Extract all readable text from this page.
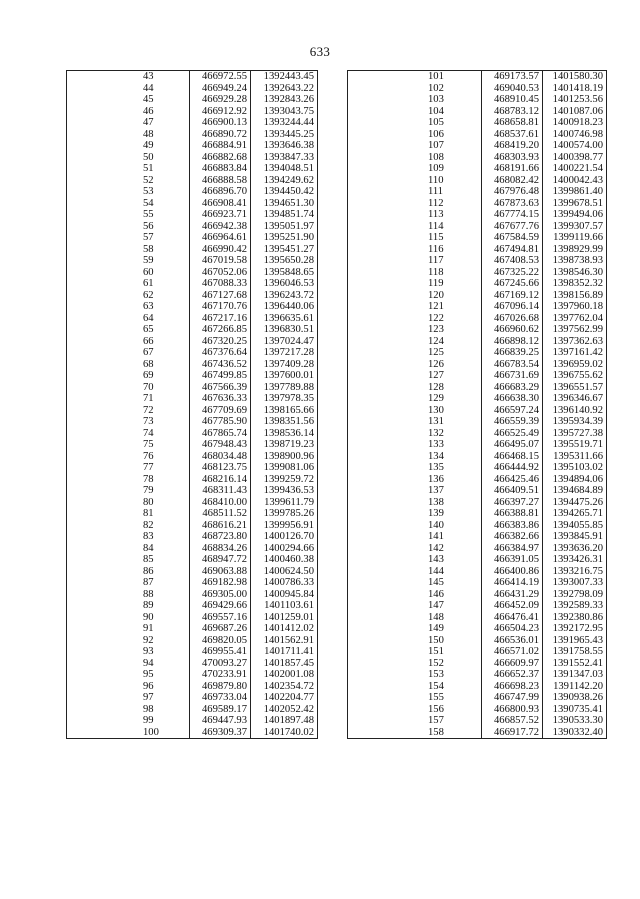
633
43	466972.55	1392443.45
44	466949.24	1392643.22
45	466929.28	1392843.26
46	466912.92	1393043.75
47	466900.13	1393244.44
48	466890.72	1393445.25
49	466884.91	1393646.38
50	466882.68	1393847.33
51	466883.84	1394048.51
52	466888.58	1394249.62
53	466896.70	1394450.42
54	466908.41	1394651.30
55	466923.71	1394851.74
56	466942.38	1395051.97
57	466964.61	1395251.90
58	466990.42	1395451.27
59	467019.58	1395650.28
60	467052.06	1395848.65
61	467088.33	1396046.53
62	467127.68	1396243.72
63	467170.76	1396440.06
64	467217.16	1396635.61
65	467266.85	1396830.51
66	467320.25	1397024.47
67	467376.64	1397217.28
68	467436.52	1397409.28
69	467499.85	1397600.01
70	467566.39	1397789.88
71	467636.33	1397978.35
72	467709.69	1398165.66
73	467785.90	1398351.56
74	467865.74	1398536.14
75	467948.43	1398719.23
76	468034.48	1398900.96
77	468123.75	1399081.06
78	468216.14	1399259.72
79	468311.43	1399436.53
80	468410.00	1399611.79
81	468511.52	1399785.26
82	468616.21	1399956.91
83	468723.80	1400126.70
84	468834.26	1400294.66
85	468947.72	1400460.38
86	469063.88	1400624.50
87	469182.98	1400786.33
88	469305.00	1400945.84
89	469429.66	1401103.61
90	469557.16	1401259.01
91	469687.26	1401412.02
92	469820.05	1401562.91
93	469955.41	1401711.41
94	470093.27	1401857.45
95	470233.91	1402001.08
96	469879.80	1402354.72
97	469733.04	1402204.77
98	469589.17	1402052.42
99	469447.93	1401897.48
100	469309.37	1401740.02
101	469173.57	1401580.30
102	469040.53	1401418.19
103	468910.45	1401253.56
104	468783.12	1401087.06
105	468658.81	1400918.23
106	468537.61	1400746.98
107	468419.20	1400574.00
108	468303.93	1400398.77
109	468191.66	1400221.54
110	468082.42	1400042.43
111	467976.48	1399861.40
112	467873.63	1399678.51
113	467774.15	1399494.06
114	467677.76	1399307.57
115	467584.59	1399119.66
116	467494.81	1398929.99
117	467408.53	1398738.93
118	467325.22	1398546.30
119	467245.66	1398352.32
120	467169.12	1398156.89
121	467096.14	1397960.18
122	467026.68	1397762.04
123	466960.62	1397562.99
124	466898.12	1397362.63
125	466839.25	1397161.42
126	466783.54	1396959.02
127	466731.69	1396755.62
128	466683.29	1396551.57
129	466638.30	1396346.67
130	466597.24	1396140.92
131	466559.39	1395934.39
132	466525.49	1395727.38
133	466495.07	1395519.71
134	466468.15	1395311.66
135	466444.92	1395103.02
136	466425.46	1394894.06
137	466409.51	1394684.89
138	466397.27	1394475.26
139	466388.81	1394265.71
140	466383.86	1394055.85
141	466382.66	1393845.91
142	466384.97	1393636.20
143	466391.05	1393426.31
144	466400.86	1393216.75
145	466414.19	1393007.33
146	466431.29	1392798.09
147	466452.09	1392589.33
148	466476.41	1392380.86
149	466504.23	1392172.95
150	466536.01	1391965.43
151	466571.02	1391758.55
152	466609.97	1391552.41
153	466652.37	1391347.03
154	466698.23	1391142.20
155	466747.99	1390938.26
156	466800.93	1390735.41
157	466857.52	1390533.30
158	466917.72	1390332.40
